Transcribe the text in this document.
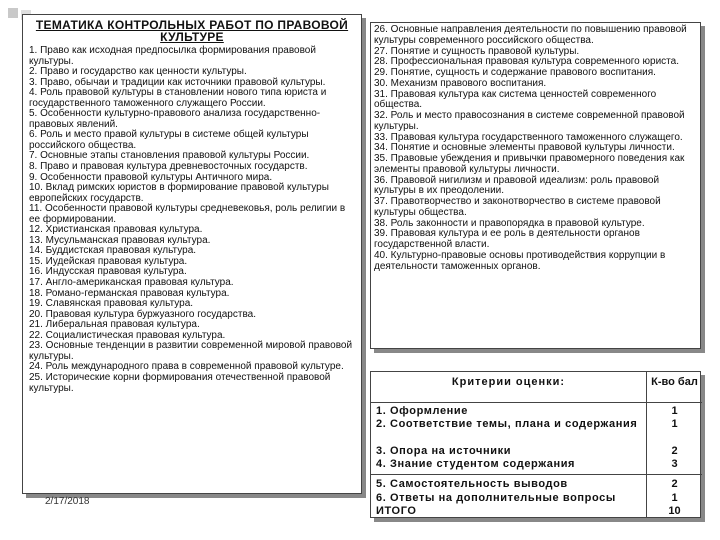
ТЕМАТИКА КОНТРОЛЬНЫХ РАБОТ ПО ПРАВОВОЙ КУЛЬТУРЕ
1. Право как исходная предпосылка формирования правовой культуры.
2. Право и государство как ценности культуры.
3. Право, обычаи и традиции как источники правовой культуры.
4. Роль правовой культуры в становлении нового типа юриста и государственного таможенного служащего России.
5. Особенности культурно-правового анализа государственно-правовых явлений.
6. Роль и место правой культуры в системе общей культуры российского общества.
7. Основные этапы становления правовой культуры России.
8. Право и правовая культура древневосточных государств.
9. Особенности правовой культуры Античного мира.
10. Вклад римских юристов в формирование правовой культуры европейских государств.
11. Особенности правовой культуры средневековья, роль религии в ее формировании.
12. Христианская правовая культура.
13. Мусульманская правовая культура.
14. Буддистская правовая культура.
15. Иудейская правовая культура.
16. Индусская правовая культура.
17. Англо-американская правовая культура.
18. Романо-германская правовая культура.
19. Славянская правовая культура.
20. Правовая культура буржуазного государства.
21. Либеральная правовая культура.
22. Социалистическая правовая культура.
23. Основные тенденции в развитии современной мировой правовой культуры.
24. Роль международного права в современной правовой культуре.
25. Исторические корни формирования отечественной правовой культуры.
2/17/2018
26. Основные направления деятельности по повышению правовой культуры современного российского общества.
27. Понятие и сущность правовой культуры.
28. Профессиональная правовая культура современного юриста.
29. Понятие, сущность и содержание правового воспитания.
30. Механизм правового воспитания.
31. Правовая культура как система ценностей современного общества.
32. Роль и место правосознания в системе современной правовой культуры.
33. Правовая культура государственного таможенного служащего.
34. Понятие и основные элементы правовой культуры личности.
35. Правовые убеждения и привычки правомерного поведения как элементы правовой культуры личности.
36. Правовой нигилизм и правовой идеализм: роль правовой культуры в их преодолении.
37. Правотворчество и законотворчество в системе правовой культуры общества.
38. Роль законности и правопорядка в правовой культуре.
39. Правовая культура и ее роль в деятельности органов государственной власти.
40. Культурно-правовые основы противодействия коррупции в деятельности таможенных органов.
Критерии оценки:	К-во бал
1. Оформление	1
2. Соответствие темы, плана и содержания	1
3. Опора на источники	2
4. Знание студентом содержания	3
5. Самостоятельность выводов	2
6. Ответы на дополнительные вопросы	1
ИТОГО	10
